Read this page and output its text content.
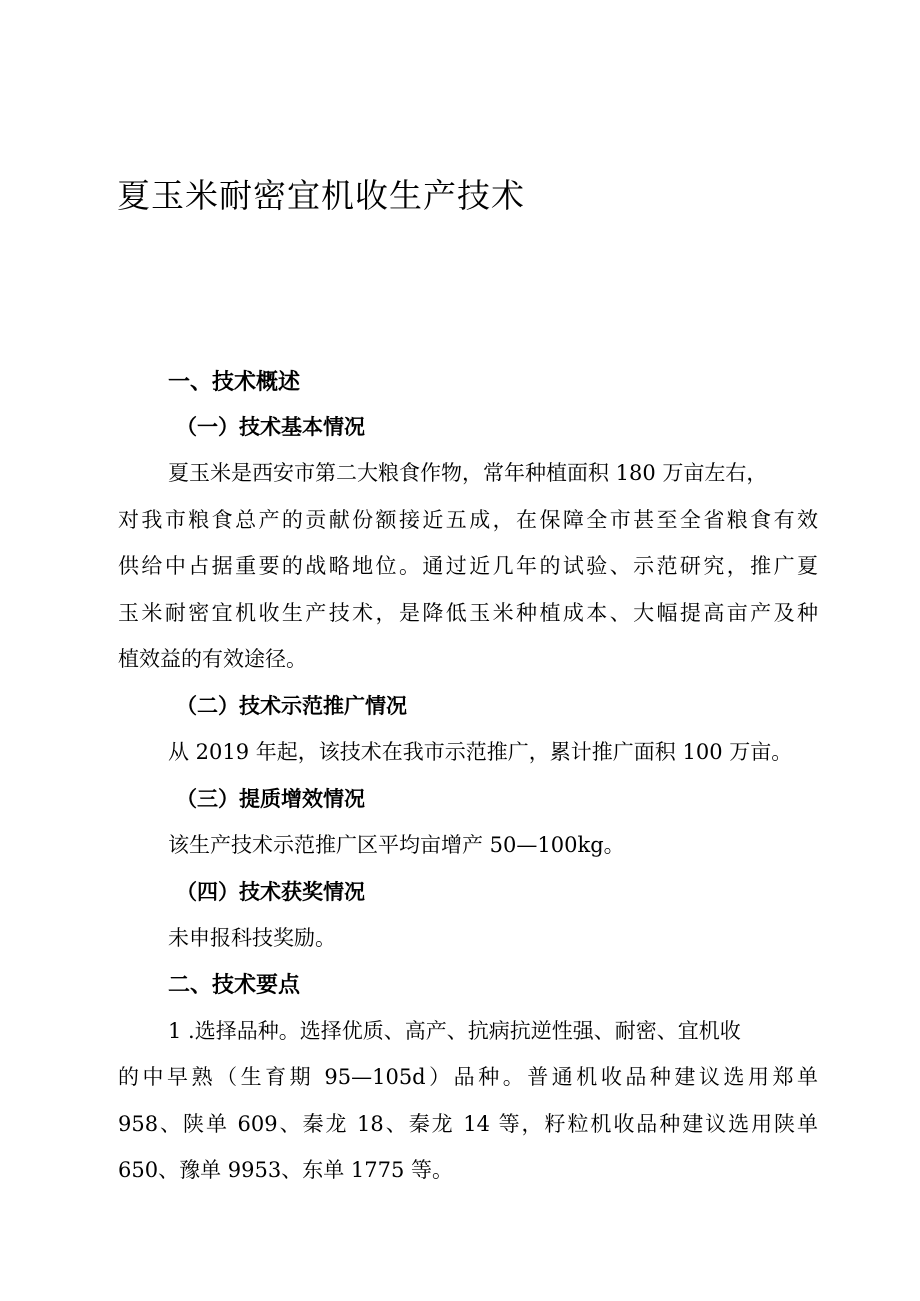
夏玉米耐密宜机收生产技术
一、技术概述
（一）技术基本情况

夏玉米是西安市第二大粮食作物，常年种植面积 180 万亩左右，

对我市粮食总产的贡献份额接近五成，在保障全市甚至全省粮食有效

供给中占据重要的战略地位。通过近几年的试验、示范研究，推广夏

玉米耐密宜机收生产技术，是降低玉米种植成本、大幅提高亩产及种

植效益的有效途径。

（二）技术示范推广情况

从 2019 年起，该技术在我市示范推广，累计推广面积 100 万亩。

（三）提质增效情况

该生产技术示范推广区平均亩增产 50—100kg。

（四）技术获奖情况

未申报科技奖励。

二、技术要点

1 .选择品种。选择优质、高产、抗病抗逆性强、耐密、宜机收

的中早熟（生育期 95—105d）品种。普通机收品种建议选用郑单

958、陕单 609、秦龙 18、秦龙 14 等，籽粒机收品种建议选用陕单

650、豫单 9953、东单 1775 等。
